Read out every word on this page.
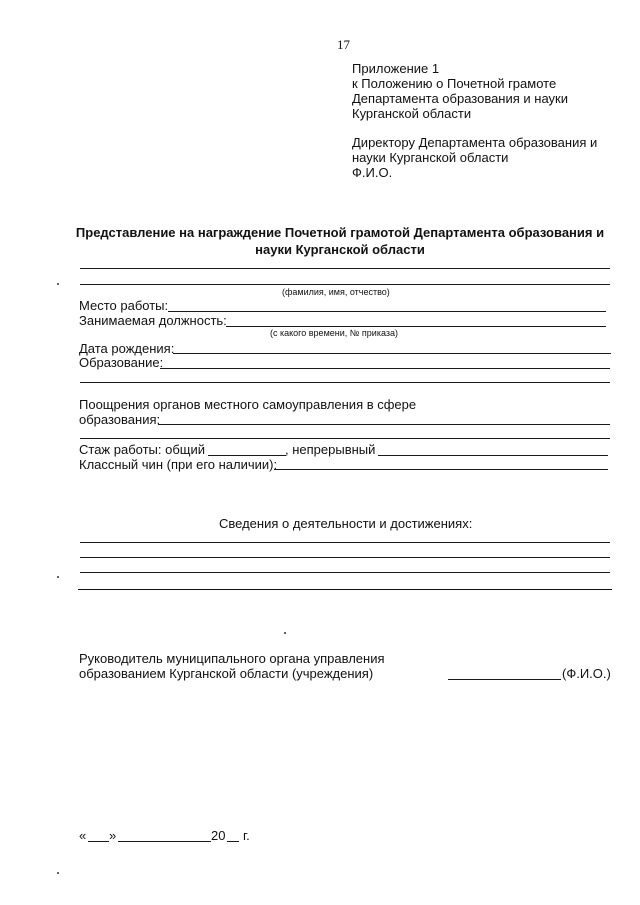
17
Приложение 1
к Положению о Почетной грамоте
Департамента образования и науки
Курганской области
Директору Департамента образования и
науки Курганской области
Ф.И.О.
Представление на награждение Почетной грамотой Департамента образования и
науки Курганской области
(фамилия, имя, отчество)
Место работы:
Занимаемая должность:
(с какого времени, № приказа)
Дата рождения:
Образование:
Поощрения органов местного самоуправления в сфере
образования:
Стаж работы: общий	, непрерывный
Классный чин (при его наличии):
Сведения о деятельности и достижениях:
Руководитель муниципального органа управления
образованием Курганской области (учреждения)	(Ф.И.О.)
« »	20 г.
